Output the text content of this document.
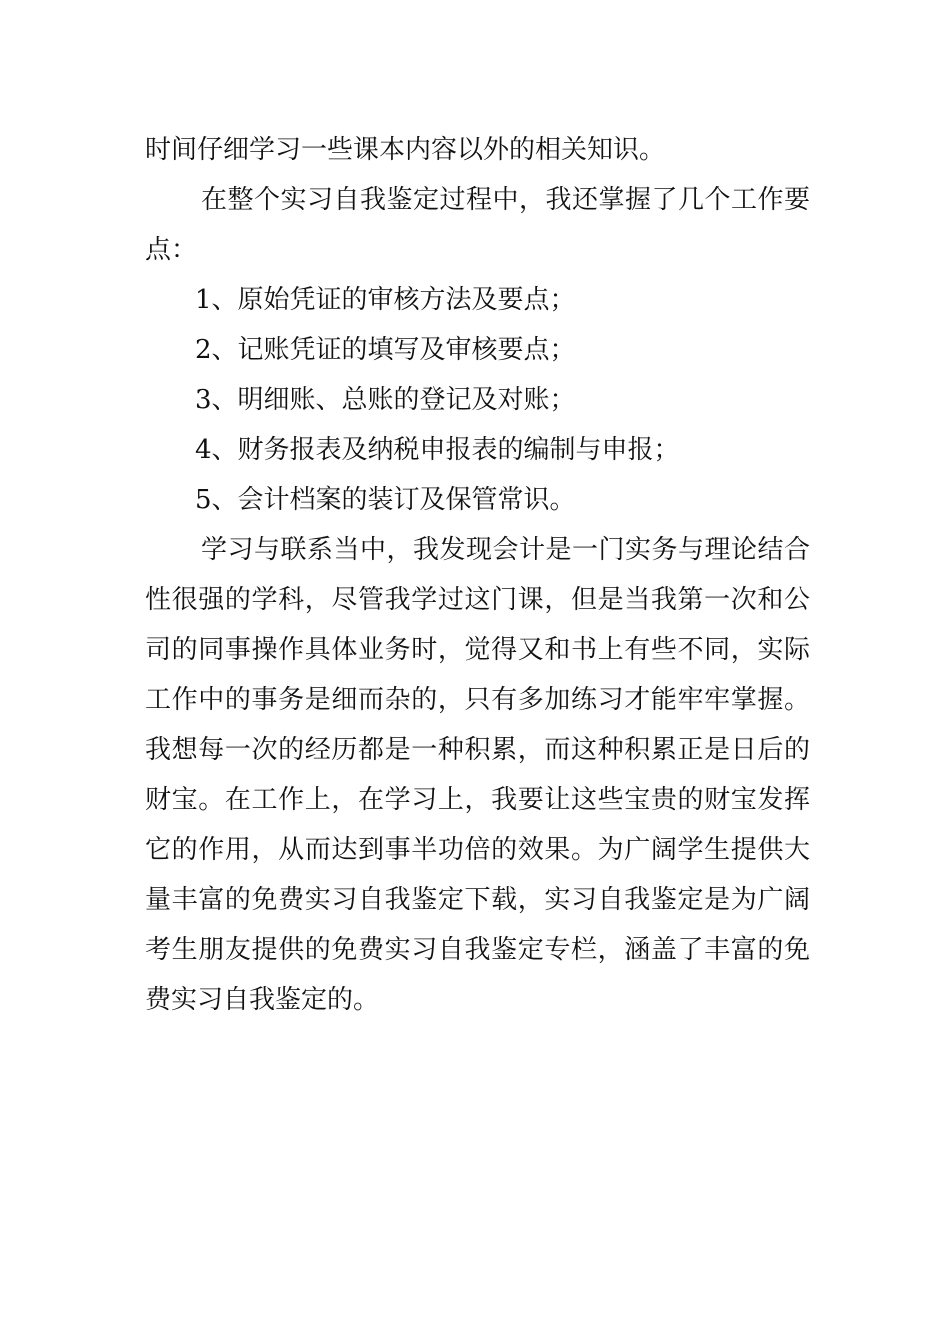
时间仔细学习一些课本内容以外的相关知识。
在整个实习自我鉴定过程中，我还掌握了几个工作要
点：
1、原始凭证的审核方法及要点；
2、记账凭证的填写及审核要点；
3、明细账、总账的登记及对账；
4、财务报表及纳税申报表的编制与申报；
5、会计档案的装订及保管常识。
学习与联系当中，我发现会计是一门实务与理论结合
性很强的学科，尽管我学过这门课，但是当我第一次和公
司的同事操作具体业务时，觉得又和书上有些不同，实际
工作中的事务是细而杂的，只有多加练习才能牢牢掌握。
我想每一次的经历都是一种积累，而这种积累正是日后的
财宝。在工作上，在学习上，我要让这些宝贵的财宝发挥
它的作用，从而达到事半功倍的效果。为广阔学生提供大
量丰富的免费实习自我鉴定下载，实习自我鉴定是为广阔
考生朋友提供的免费实习自我鉴定专栏，涵盖了丰富的免
费实习自我鉴定的。
